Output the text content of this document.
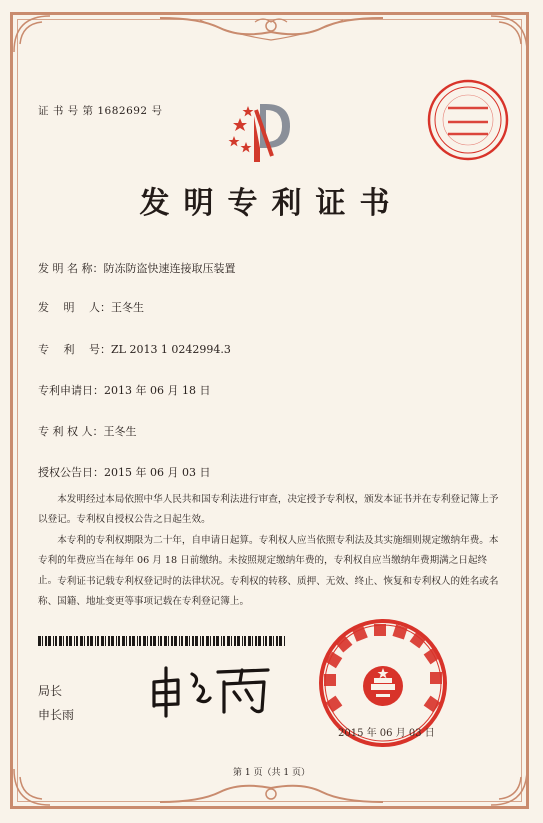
证 书 号 第 1682692 号
发明专利证书
发 明 名 称：防冻防盗快速连接取压装置
发　 明　 人：王冬生
专　 利　 号：ZL 2013 1 0242994.3
专利申请日：2013 年 06 月 18 日
专 利 权 人：王冬生
授权公告日：2015 年 06 月 03 日

本发明经过本局依照中华人民共和国专利法进行审查，决定授予专利权，颁发本证书并在专利登记簿上予以登记。专利权自授权公告之日起生效。

本专利的专利权期限为二十年，自申请日起算。专利权人应当依照专利法及其实施细则规定缴纳年费。本专利的年费应当在每年 06 月 18 日前缴纳。未按照规定缴纳年费的，专利权自应当缴纳年费期满之日起终止。 专利证书记载专利权登记时的法律状况。专利权的转移、质押、无效、终止、恢复和专利权人的姓名或名称、国籍、地址变更等事项记载在专利登记簿上。

局长
申长雨
2015 年 06 月 03 日
第 1 页（共 1 页）
